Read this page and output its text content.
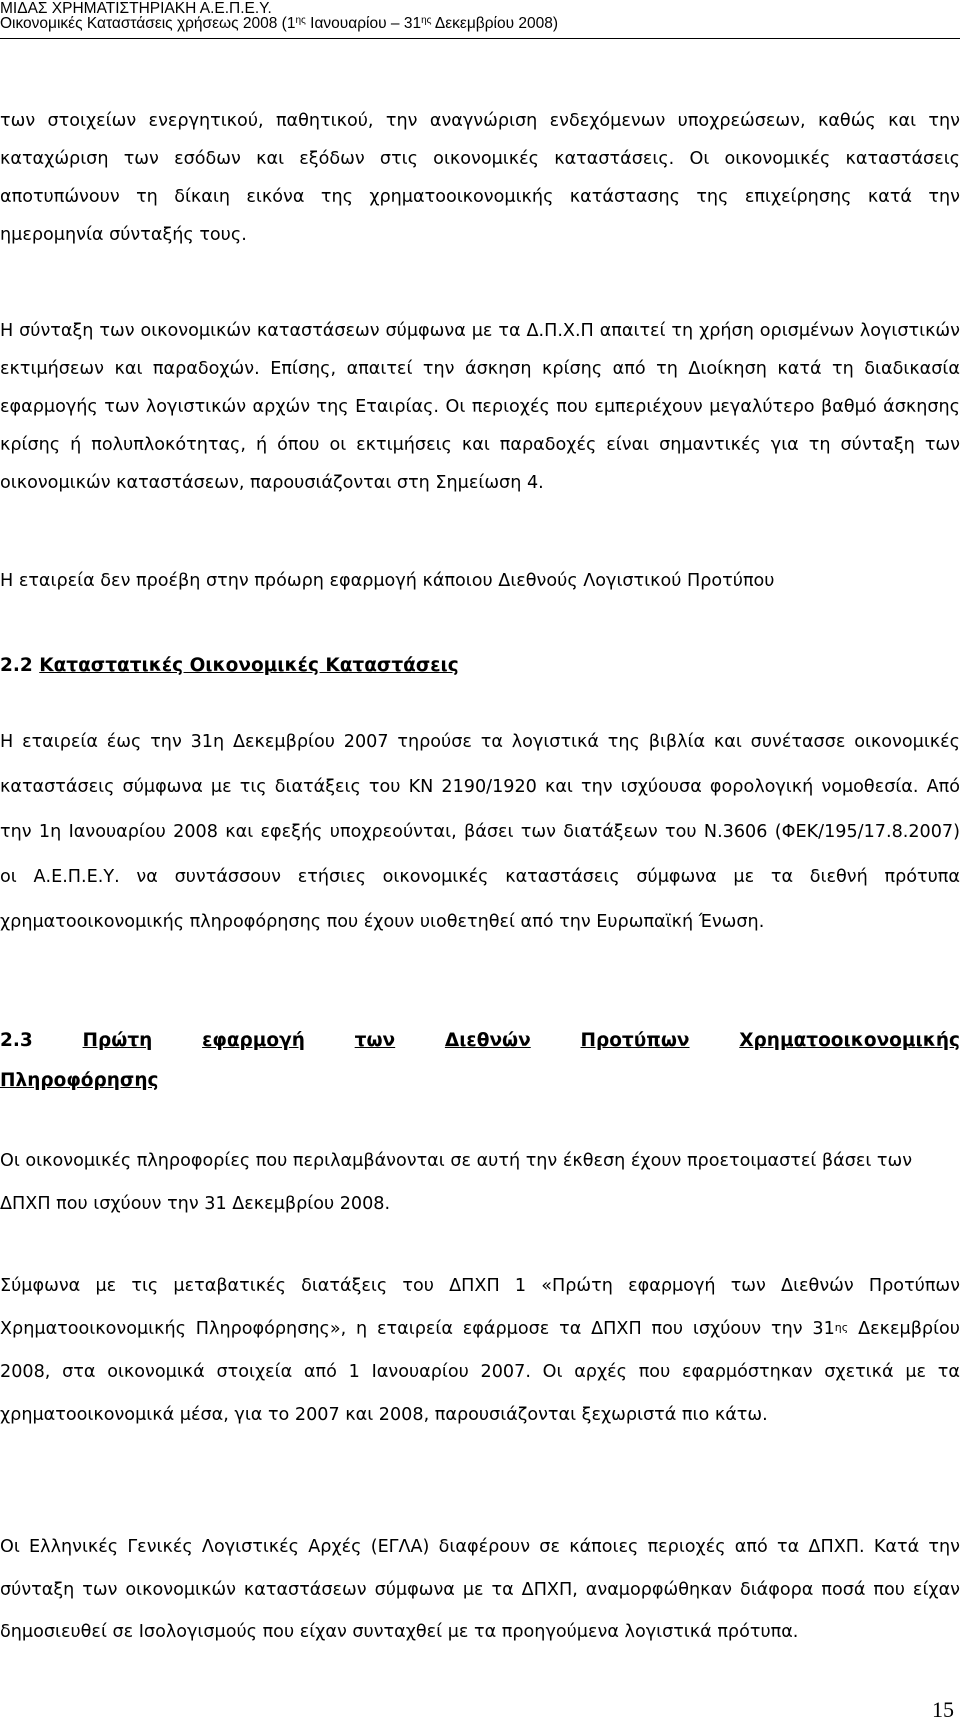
ΜΙΔΑΣ ΧΡΗΜΑΤΙΣΤΗΡΙΑΚΗ Α.Ε.Π.Ε.Υ.
Οικονομικές Καταστάσεις χρήσεως 2008 ($1^{\eta\varsigma}$ Ιανουαρίου – $31^{\eta\varsigma}$ Δεκεμβρίου 2008)

των στοιχείων ενεργητικού, παθητικού, την αναγνώριση ενδεχόμενων υποχρεώσεων, καθώς και την καταχώριση των εσόδων και εξόδων στις οικονομικές καταστάσεις. Οι οικονομικές καταστάσεις αποτυπώνουν τη δίκαιη εικόνα της χρηματοοικονομικής κατάστασης της επιχείρησης κατά την ημερομηνία σύνταξής τους.

Η σύνταξη των οικονομικών καταστάσεων σύμφωνα με τα Δ.Π.Χ.Π απαιτεί τη χρήση ορισμένων λογιστικών εκτιμήσεων και παραδοχών. Επίσης, απαιτεί την άσκηση κρίσης από τη Διοίκηση κατά τη διαδικασία εφαρμογής των λογιστικών αρχών της Εταιρίας. Οι περιοχές που εμπεριέχουν μεγαλύτερο βαθμό άσκησης κρίσης ή πολυπλοκότητας, ή όπου οι εκτιμήσεις και παραδοχές είναι σημαντικές για τη σύνταξη των οικονομικών καταστάσεων, παρουσιάζονται στη Σημείωση 4.

Η εταιρεία δεν προέβη στην πρόωρη εφαρμογή κάποιου Διεθνούς Λογιστικού Προτύπου

2.2 Καταστατικές Οικονομικές Καταστάσεις

Η εταιρεία έως την 31η Δεκεμβρίου 2007 τηρούσε τα λογιστικά της βιβλία και συνέτασσε οικονομικές καταστάσεις σύμφωνα με τις διατάξεις του ΚΝ 2190/1920 και την ισχύουσα φορολογική νομοθεσία. Από την 1η Ιανουαρίου 2008 και εφεξής υποχρεούνται, βάσει των διατάξεων του Ν.3606 (ΦΕΚ/195/17.8.2007) οι Α.Ε.Π.Ε.Υ. να συντάσσουν ετήσιες οικονομικές καταστάσεις σύμφωνα με τα διεθνή πρότυπα χρηματοοικονομικής πληροφόρησης που έχουν υιοθετηθεί από την Ευρωπαϊκή Ένωση.

2.3	Πρώτη	εφαρμογή	των	Διεθνών	Προτύπων	Χρηματοοικονομικής
Πληροφόρησης

Οι οικονομικές πληροφορίες που περιλαμβάνονται σε αυτή την έκθεση έχουν προετοιμαστεί βάσει των ΔΠΧΠ που ισχύουν την 31 Δεκεμβρίου 2008.

Σύμφωνα με τις μεταβατικές διατάξεις του ΔΠΧΠ 1 «Πρώτη εφαρμογή των Διεθνών Προτύπων Χρηματοοικονομικής Πληροφόρησης», η εταιρεία εφάρμοσε τα ΔΠΧΠ που ισχύουν την $31^{\eta\varsigma}$ Δεκεμβρίου 2008, στα οικονομικά στοιχεία από 1 Ιανουαρίου 2007. Οι αρχές που εφαρμόστηκαν σχετικά με τα χρηματοοικονομικά μέσα, για το 2007 και 2008, παρουσιάζονται ξεχωριστά πιο κάτω.

Οι Ελληνικές Γενικές Λογιστικές Αρχές (ΕΓΛΑ) διαφέρουν σε κάποιες περιοχές από τα ΔΠΧΠ. Κατά την σύνταξη των οικονομικών καταστάσεων σύμφωνα με τα ΔΠΧΠ, αναμορφώθηκαν διάφορα ποσά που είχαν δημοσιευθεί σε Ισολογισμούς που είχαν συνταχθεί με τα προηγούμενα λογιστικά πρότυπα.

15
